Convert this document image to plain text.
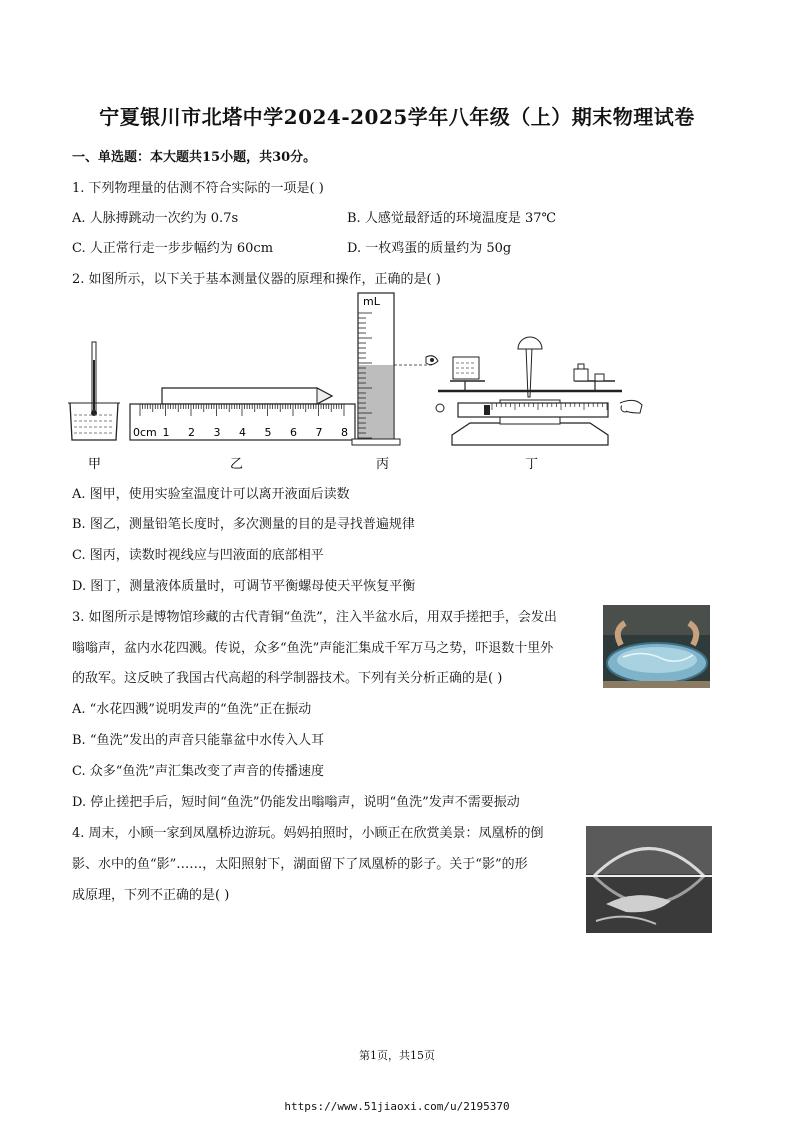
宁夏银川市北塔中学2024-2025学年八年级（上）期末物理试卷
一、单选题：本大题共15小题，共30分。
1. 下列物理量的估测不符合实际的一项是( )
A. 人脉搏跳动一次约为 0.7s	B. 人感觉最舒适的环境温度是 37℃
C. 人正常行走一步步幅约为 60cm	D. 一枚鸡蛋的质量约为 50g
2. 如图所示，以下关于基本测量仪器的原理和操作，正确的是( )
甲
0cm 1 2 3 4 5 6 7 8
乙
mL
丙	丁
A. 图甲，使用实验室温度计可以离开液面后读数
B. 图乙，测量铅笔长度时，多次测量的目的是寻找普遍规律
C. 图丙，读数时视线应与凹液面的底部相平
D. 图丁，测量液体质量时，可调节平衡螺母使天平恢复平衡
3. 如图所示是博物馆珍藏的古代青铜“鱼洗”，注入半盆水后，用双手搓把手，会发出
嗡嗡声，盆内水花四溅。传说，众多“鱼洗”声能汇集成千军万马之势，吓退数十里外
的敌军。这反映了我国古代高超的科学制器技术。下列有关分析正确的是( )
A. “水花四溅”说明发声的“鱼洗”正在振动
B. “鱼洗”发出的声音只能靠盆中水传入人耳
C. 众多“鱼洗”声汇集改变了声音的传播速度
D. 停止搓把手后，短时间“鱼洗”仍能发出嗡嗡声，说明“鱼洗”发声不需要振动
4. 周末，小顾一家到凤凰桥边游玩。妈妈拍照时，小顾正在欣赏美景：凤凰桥的倒
影、水中的鱼“影”……，太阳照射下，湖面留下了凤凰桥的影子。关于“影”的形
成原理，下列不正确的是( )
第1页，共15页
https://www.51jiaoxi.com/u/2195370
